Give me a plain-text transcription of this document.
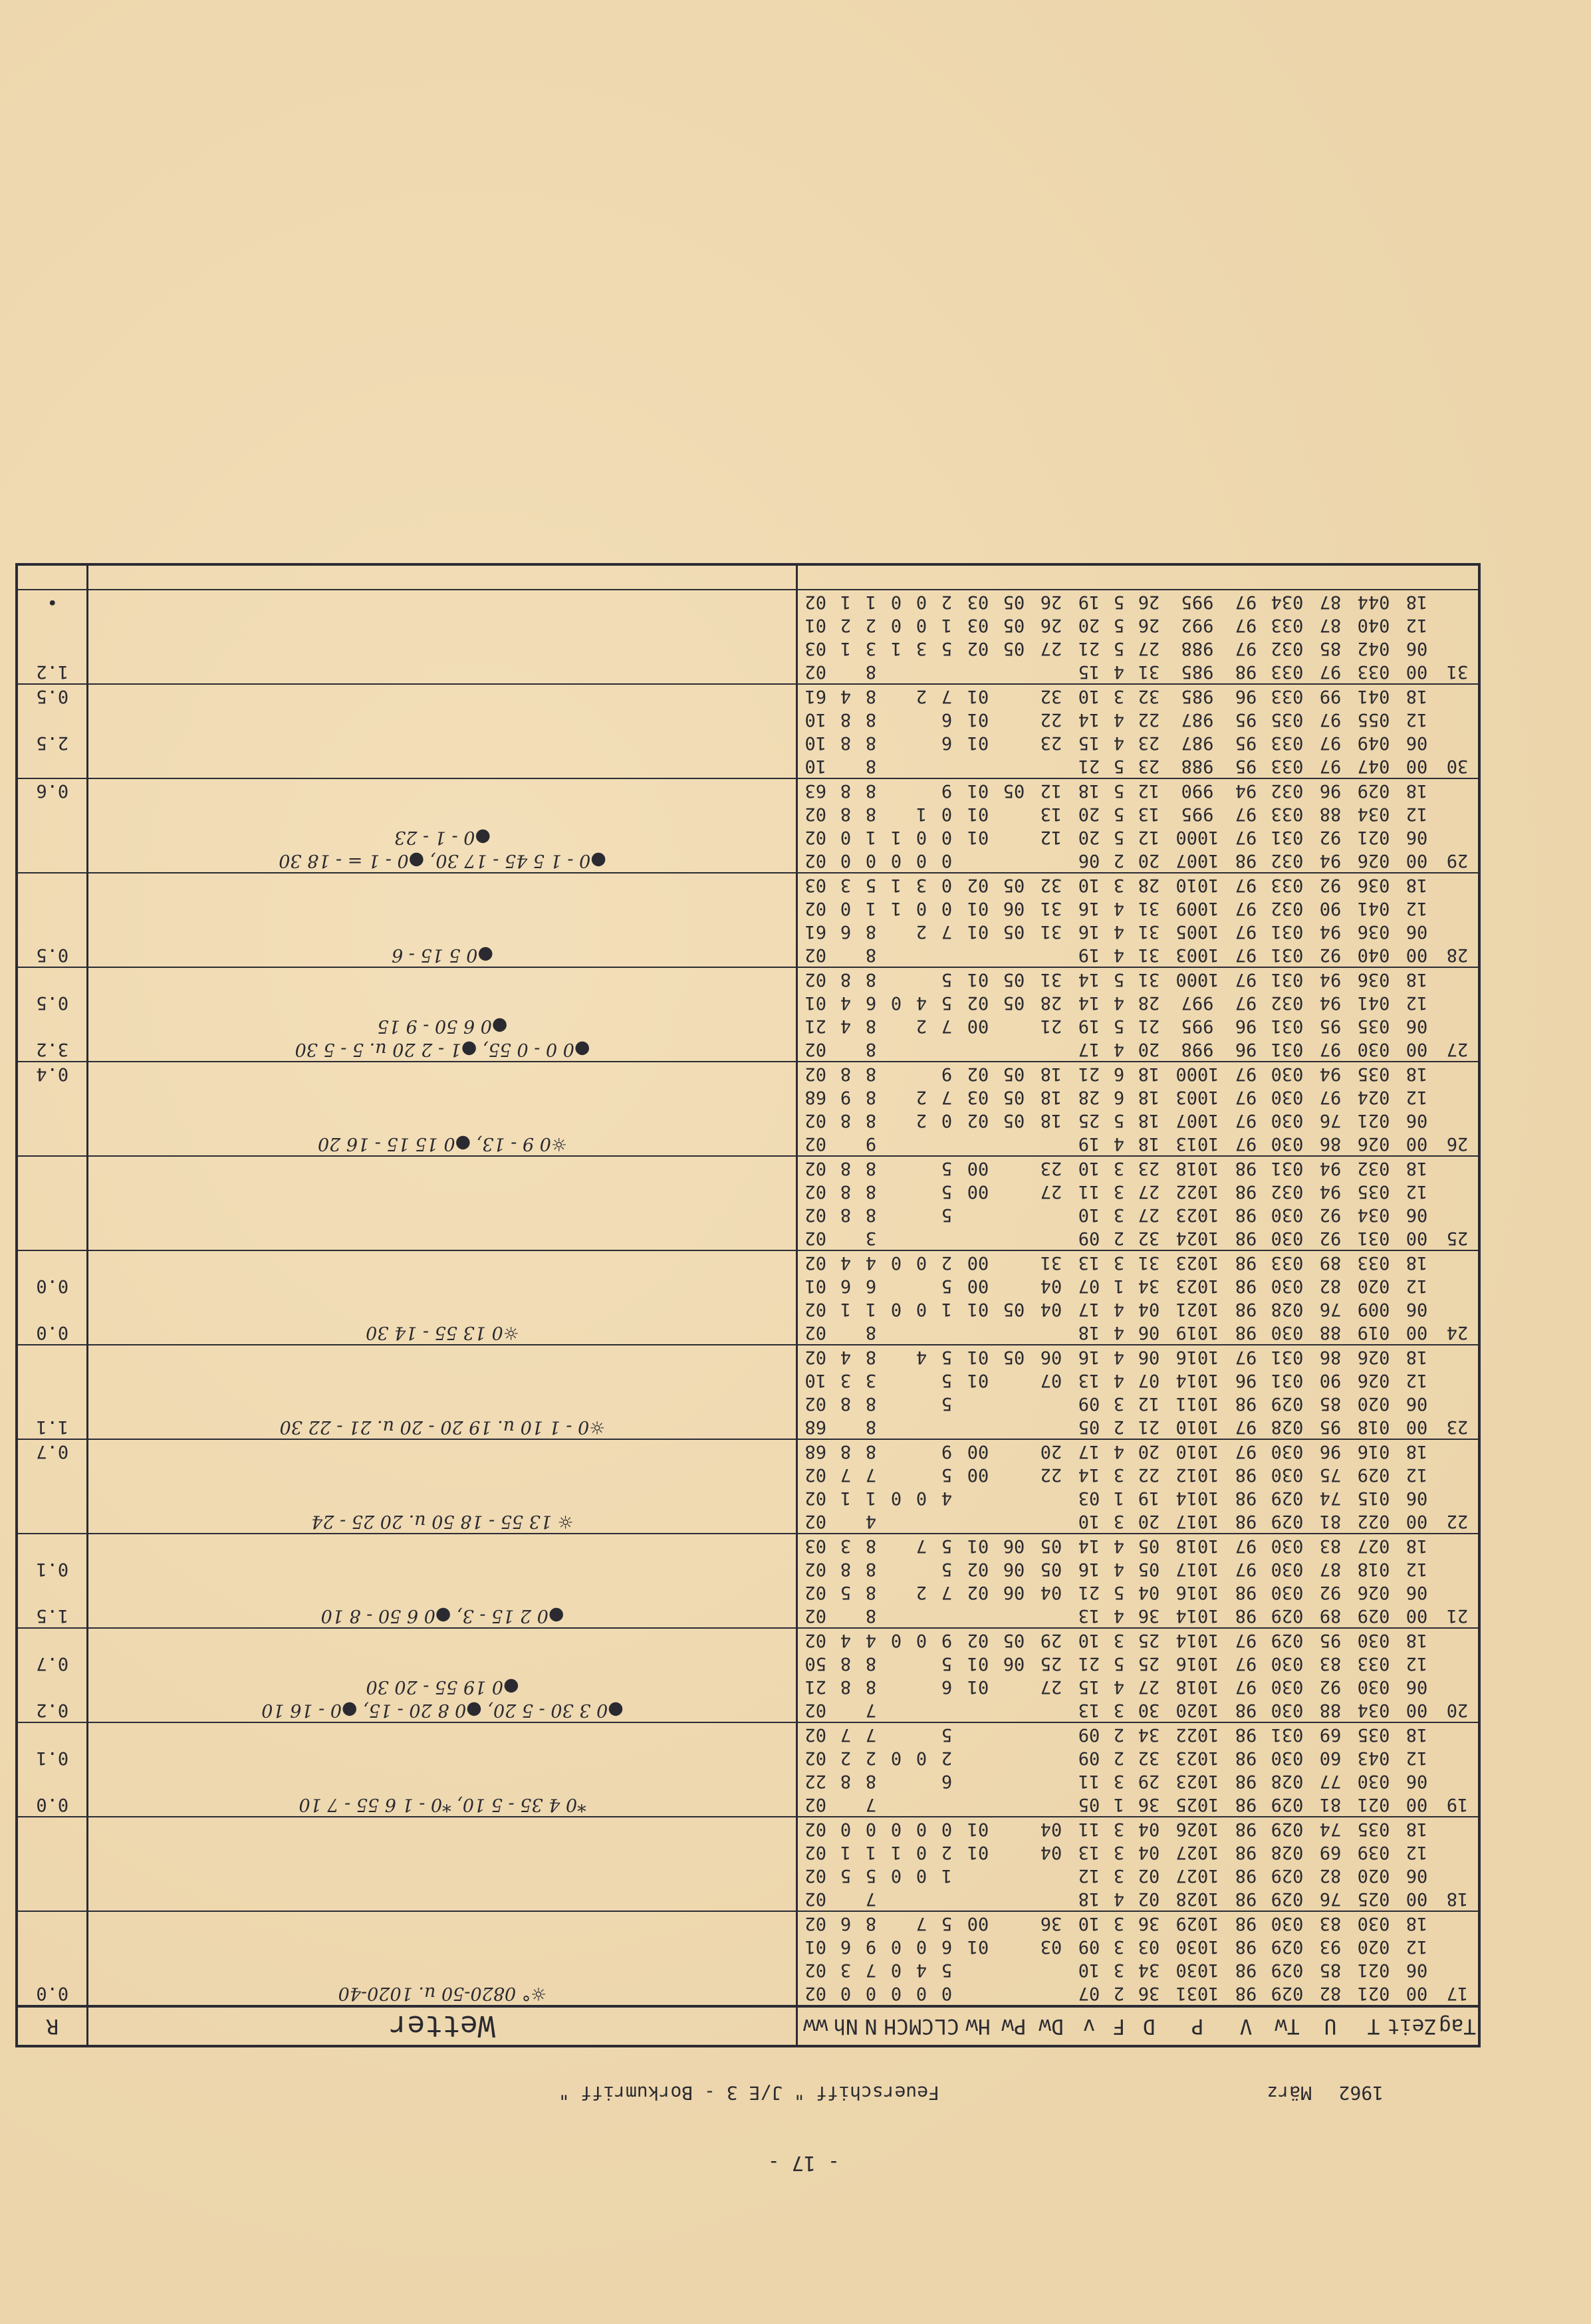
- 17 -
1962
März
Feuerschiff " J/E 3 - Borkumriff "
Tag	Zeit	T	U	Tw	V	P	D	F	v	Dw	Pw	Hw	CL	CM	CH	N	Nh	ww	Wetter	R
17	00	021	82	029	98	1031	36	2	07				0	0	0	0	0	02	☼° 0820-50 u. 1020-40	0.0
	06	021	85	029	98	1030	34	3	10				5	4	0	7	3	02		
	12	020	93	029	98	1030	03	3	09	03		01	6	0	0	9	6	01		
	18	030	83	030	98	1029	36	3	10	36		00	5	7		8	6	02		
18	00	025	76	029	98	1028	02	4	18							7		02		
	06	020	82	029	98	1027	02	3	12				1	0	0	5	5	02		
	12	039	69	028	98	1027	04	3	13	04		01	2	0	1	1	1	02		
	18	035	74	029	98	1026	04	3	11	04		01	0	0	0	0	0	02		
19	00	021	81	029	98	1025	36	1	05							7		02	*0 4 35 - 5 10, *0 - 1 6 55 - 7 10	0.0
	06	030	77	028	98	1023	29	3	11				6			8	8	22		
	12	043	60	030	98	1023	32	2	09				2	0	0	2	2	02		0.1
	18	035	69	031	98	1022	34	2	09				5			7	7	02		
20	00	034	88	030	98	1020	30	3	13							7		02	●0 3 30 - 5 20, ●0 8 20 - 15, ●0 - 16 10	0.2
	06	030	92	030	97	1018	27	4	15	27		01	6			8	8	21	●0 19 55 - 20 30	
	12	033	83	030	97	1016	25	5	21	25	06	01	5			8	8	50		0.7
	18	030	95	029	97	1014	25	3	10	29	05	02	9	0	0	4	4	02		
21	00	029	89	029	98	1014	36	4	13							8		02	●0 2 15 - 3, ●0 6 50 - 8 10	1.5
	06	026	92	030	98	1016	04	5	21	04	06	02	7	2		8	5	02		
	12	018	87	030	97	1017	05	4	16	05	06	02	5			8	8	02		0.1
	18	027	83	030	97	1018	05	4	14	05	06	01	5	7		8	3	03		
22	00	022	81	029	98	1017	20	3	10							4		02	☼ 13 55 - 18 50 u. 20 25 - 24	
	06	015	74	029	98	1014	19	1	03				4	0	0	1	1	02		
	12	029	75	030	98	1012	22	3	14	22		00	5			7	7	02		
	18	016	96	030	97	1010	20	4	17	20		00	9			8	8	68		0.7
23	00	018	95	028	97	1010	21	2	05							8		68	☼0 - 1 10 u. 19 20 - 20 u. 21 - 22 30	1.1
	06	020	85	029	98	1011	12	3	09				5			8	8	02		
	12	026	90	031	96	1014	07	4	13	07		01	5			3	3	10		
	18	026	86	031	97	1016	06	4	16	06	05	01	5	4		8	4	02		
24	00	019	88	030	98	1019	06	4	18							8		02	☼0 13 55 - 14 30	0.0
	06	009	76	028	98	1021	04	4	17	04	05	01	1	0	0	1	1	02		
	12	020	82	030	98	1023	34	1	07	04		00	5			6	6	01		0.0
	18	033	89	033	98	1023	31	3	13	31		00	2	0	0	4	4	02		
25	00	031	92	030	98	1024	32	2	09							3		02		
	06	034	92	030	98	1023	27	3	10				5			8	8	02		
	12	035	94	032	98	1022	27	3	11	27		00	5			8	8	02		
	18	032	94	031	98	1018	23	3	10	23		00	5			8	8	02		
26	00	026	86	030	97	1013	18	4	19							9		02	☼0 9 - 13, ●0 15 15 - 16 20	
	06	021	76	030	97	1007	18	5	25	18	05	02	0	2		8	8	02		
	12	024	97	030	97	1003	18	6	28	18	05	03	7	2		8	9	68		
	18	035	94	030	97	1000	18	6	21	18	05	02	9			8	8	02		0.4
27	00	030	97	031	96	998	20	4	17							8		02	●0 0 - 0 55, ●1 - 2 20 u. 5 - 5 30	3.2
	06	035	95	031	96	995	21	5	19	21		00	7	2		8	4	21	●0 6 50 - 9 15	
	12	041	94	032	97	997	28	4	14	28	05	02	5	4	0	6	4	01		0.5
	18	036	94	031	97	1000	31	5	14	31	05	01	5			8	8	02		
28	00	040	92	031	97	1003	31	4	19							8		02	●0 5 15 - 6	0.5
	06	036	94	031	97	1005	31	4	16	31	05	01	7	2		8	6	61		
	12	041	90	032	97	1009	31	4	16	31	06	01	0	0	1	1	0	02		
	18	036	92	033	97	1010	28	3	10	32	05	02	0	3	1	5	3	03		
29	00	026	94	032	98	1007	20	2	06				0	0	0	0	0	02	●0 - 1 5 45 - 17 30, ●0 - 1 = - 18 30	
	06	021	92	031	97	1000	12	5	20	12		01	0	0	1	1	0	02	●0 - 1 - 23	
	12	034	88	033	97	995	13	5	20	13		01	0	1		8	8	02		
	18	029	96	032	94	990	12	5	18	12	05	01	9			8	8	63		0.6
30	00	047	97	033	95	988	23	5	21							8		10		
	06	049	97	033	95	987	23	4	15	23		01	6			8	8	10		2.5
	12	055	97	035	95	987	22	4	14	22		01	6			8	8	10		
	18	041	99	033	96	985	32	3	10	32		01	7	2		8	4	61		0.5
31	00	033	97	033	98	985	31	4	15							8		02		1.2
	06	042	85	032	97	988	27	5	21	27	05	02	5	3	1	3	1	03		
	12	040	87	033	97	992	26	5	20	26	05	03	1	0	0	2	2	01		
	18	044	87	034	97	995	26	5	19	26	05	03	2	0	0	1	1	02		•
